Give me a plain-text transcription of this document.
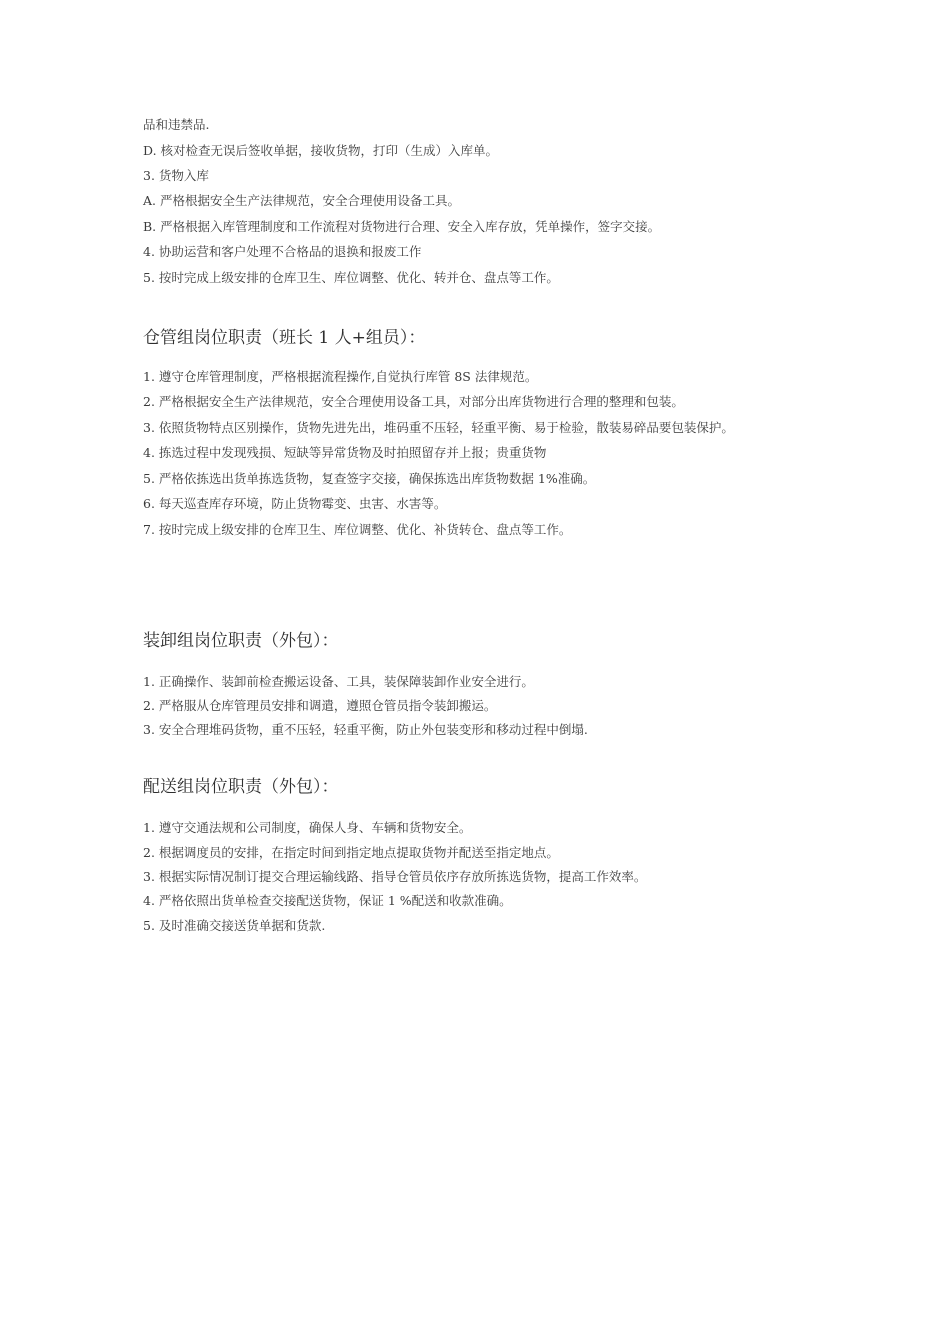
品和违禁品.
D. 核对检查无误后签收单据，接收货物，打印（生成）入库单。
3. 货物入库
A. 严格根据安全生产法律规范，安全合理使用设备工具。
B. 严格根据入库管理制度和工作流程对货物进行合理、安全入库存放，凭单操作，签字交接。
4. 协助运营和客户处理不合格品的退换和报废工作
5. 按时完成上级安排的仓库卫生、库位调整、优化、转并仓、盘点等工作。
仓管组岗位职责（班长 1 人+组员）：
1. 遵守仓库管理制度，严格根据流程操作,自觉执行库管 8S 法律规范。
2. 严格根据安全生产法律规范，安全合理使用设备工具，对部分出库货物进行合理的整理和包装。
3. 依照货物特点区别操作，货物先进先出，堆码重不压轻，轻重平衡、易于检验，散装易碎品要包装保护。
4. 拣选过程中发现残损、短缺等异常货物及时拍照留存并上报；贵重货物
5. 严格依拣选出货单拣选货物，复查签字交接，确保拣选出库货物数据 1%准确。
6. 每天巡查库存环境，防止货物霉变、虫害、水害等。
7. 按时完成上级安排的仓库卫生、库位调整、优化、补货转仓、盘点等工作。
装卸组岗位职责（外包）：
1. 正确操作、装卸前检查搬运设备、工具，装保障装卸作业安全进行。
2. 严格服从仓库管理员安排和调遣，遵照仓管员指令装卸搬运。
3. 安全合理堆码货物，重不压轻，轻重平衡，防止外包装变形和移动过程中倒塌.
配送组岗位职责（外包）：
1. 遵守交通法规和公司制度，确保人身、车辆和货物安全。
2. 根据调度员的安排，在指定时间到指定地点提取货物并配送至指定地点。
3. 根据实际情况制订提交合理运输线路、指导仓管员依序存放所拣选货物，提高工作效率。
4. 严格依照出货单检查交接配送货物，保证 1 %配送和收款准确。
5. 及时准确交接送货单据和货款.
